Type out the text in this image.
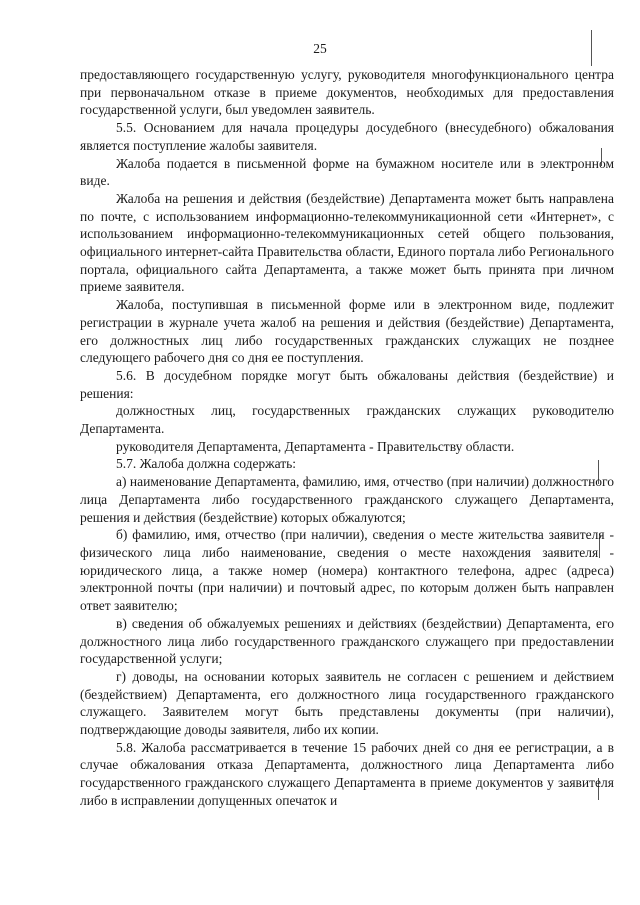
25

предоставляющего государственную услугу, руководителя многофункционального центра при первоначальном отказе в приеме документов, необходимых для предоставления государственной услуги, был уведомлен заявитель.

5.5. Основанием для начала процедуры досудебного (внесудебного) обжалования является поступление жалобы заявителя.

Жалоба подается в письменной форме на бумажном носителе или в электронном виде.

Жалоба на решения и действия (бездействие) Департамента может быть направлена по почте, с использованием информационно-телекоммуникационной сети «Интернет», с использованием информационно-телекоммуникационных сетей общего пользования, официального интернет-сайта Правительства области, Единого портала либо Регионального портала, официального сайта Департамента, а также может быть принята при личном приеме заявителя.

Жалоба, поступившая в письменной форме или в электронном виде, подлежит регистрации в журнале учета жалоб на решения и действия (бездействие) Департамента, его должностных лиц либо государственных гражданских служащих не позднее следующего рабочего дня со дня ее поступления.

5.6. В досудебном порядке могут быть обжалованы действия (бездействие) и решения:

должностных лиц, государственных гражданских служащих руководителю Департамента.

руководителя Департамента, Департамента - Правительству области.

5.7. Жалоба должна содержать:

а) наименование Департамента, фамилию, имя, отчество (при наличии) должностного лица Департамента либо государственного гражданского служащего Департамента, решения и действия (бездействие) которых обжалуются;

б) фамилию, имя, отчество (при наличии), сведения о месте жительства заявителя - физического лица либо наименование, сведения о месте нахождения заявителя - юридического лица, а также номер (номера) контактного телефона, адрес (адреса) электронной почты (при наличии) и почтовый адрес, по которым должен быть направлен ответ заявителю;

в) сведения об обжалуемых решениях и действиях (бездействии) Департамента, его должностного лица либо государственного гражданского служащего при предоставлении государственной услуги;

г) доводы, на основании которых заявитель не согласен с решением и действием (бездействием) Департамента, его должностного лица государственного гражданского служащего. Заявителем могут быть представлены документы (при наличии), подтверждающие доводы заявителя, либо их копии.

5.8. Жалоба рассматривается в течение 15 рабочих дней со дня ее регистрации, а в случае обжалования отказа Департамента, должностного лица Департамента либо государственного гражданского служащего Департамента в приеме документов у заявителя либо в исправлении допущенных опечаток и
